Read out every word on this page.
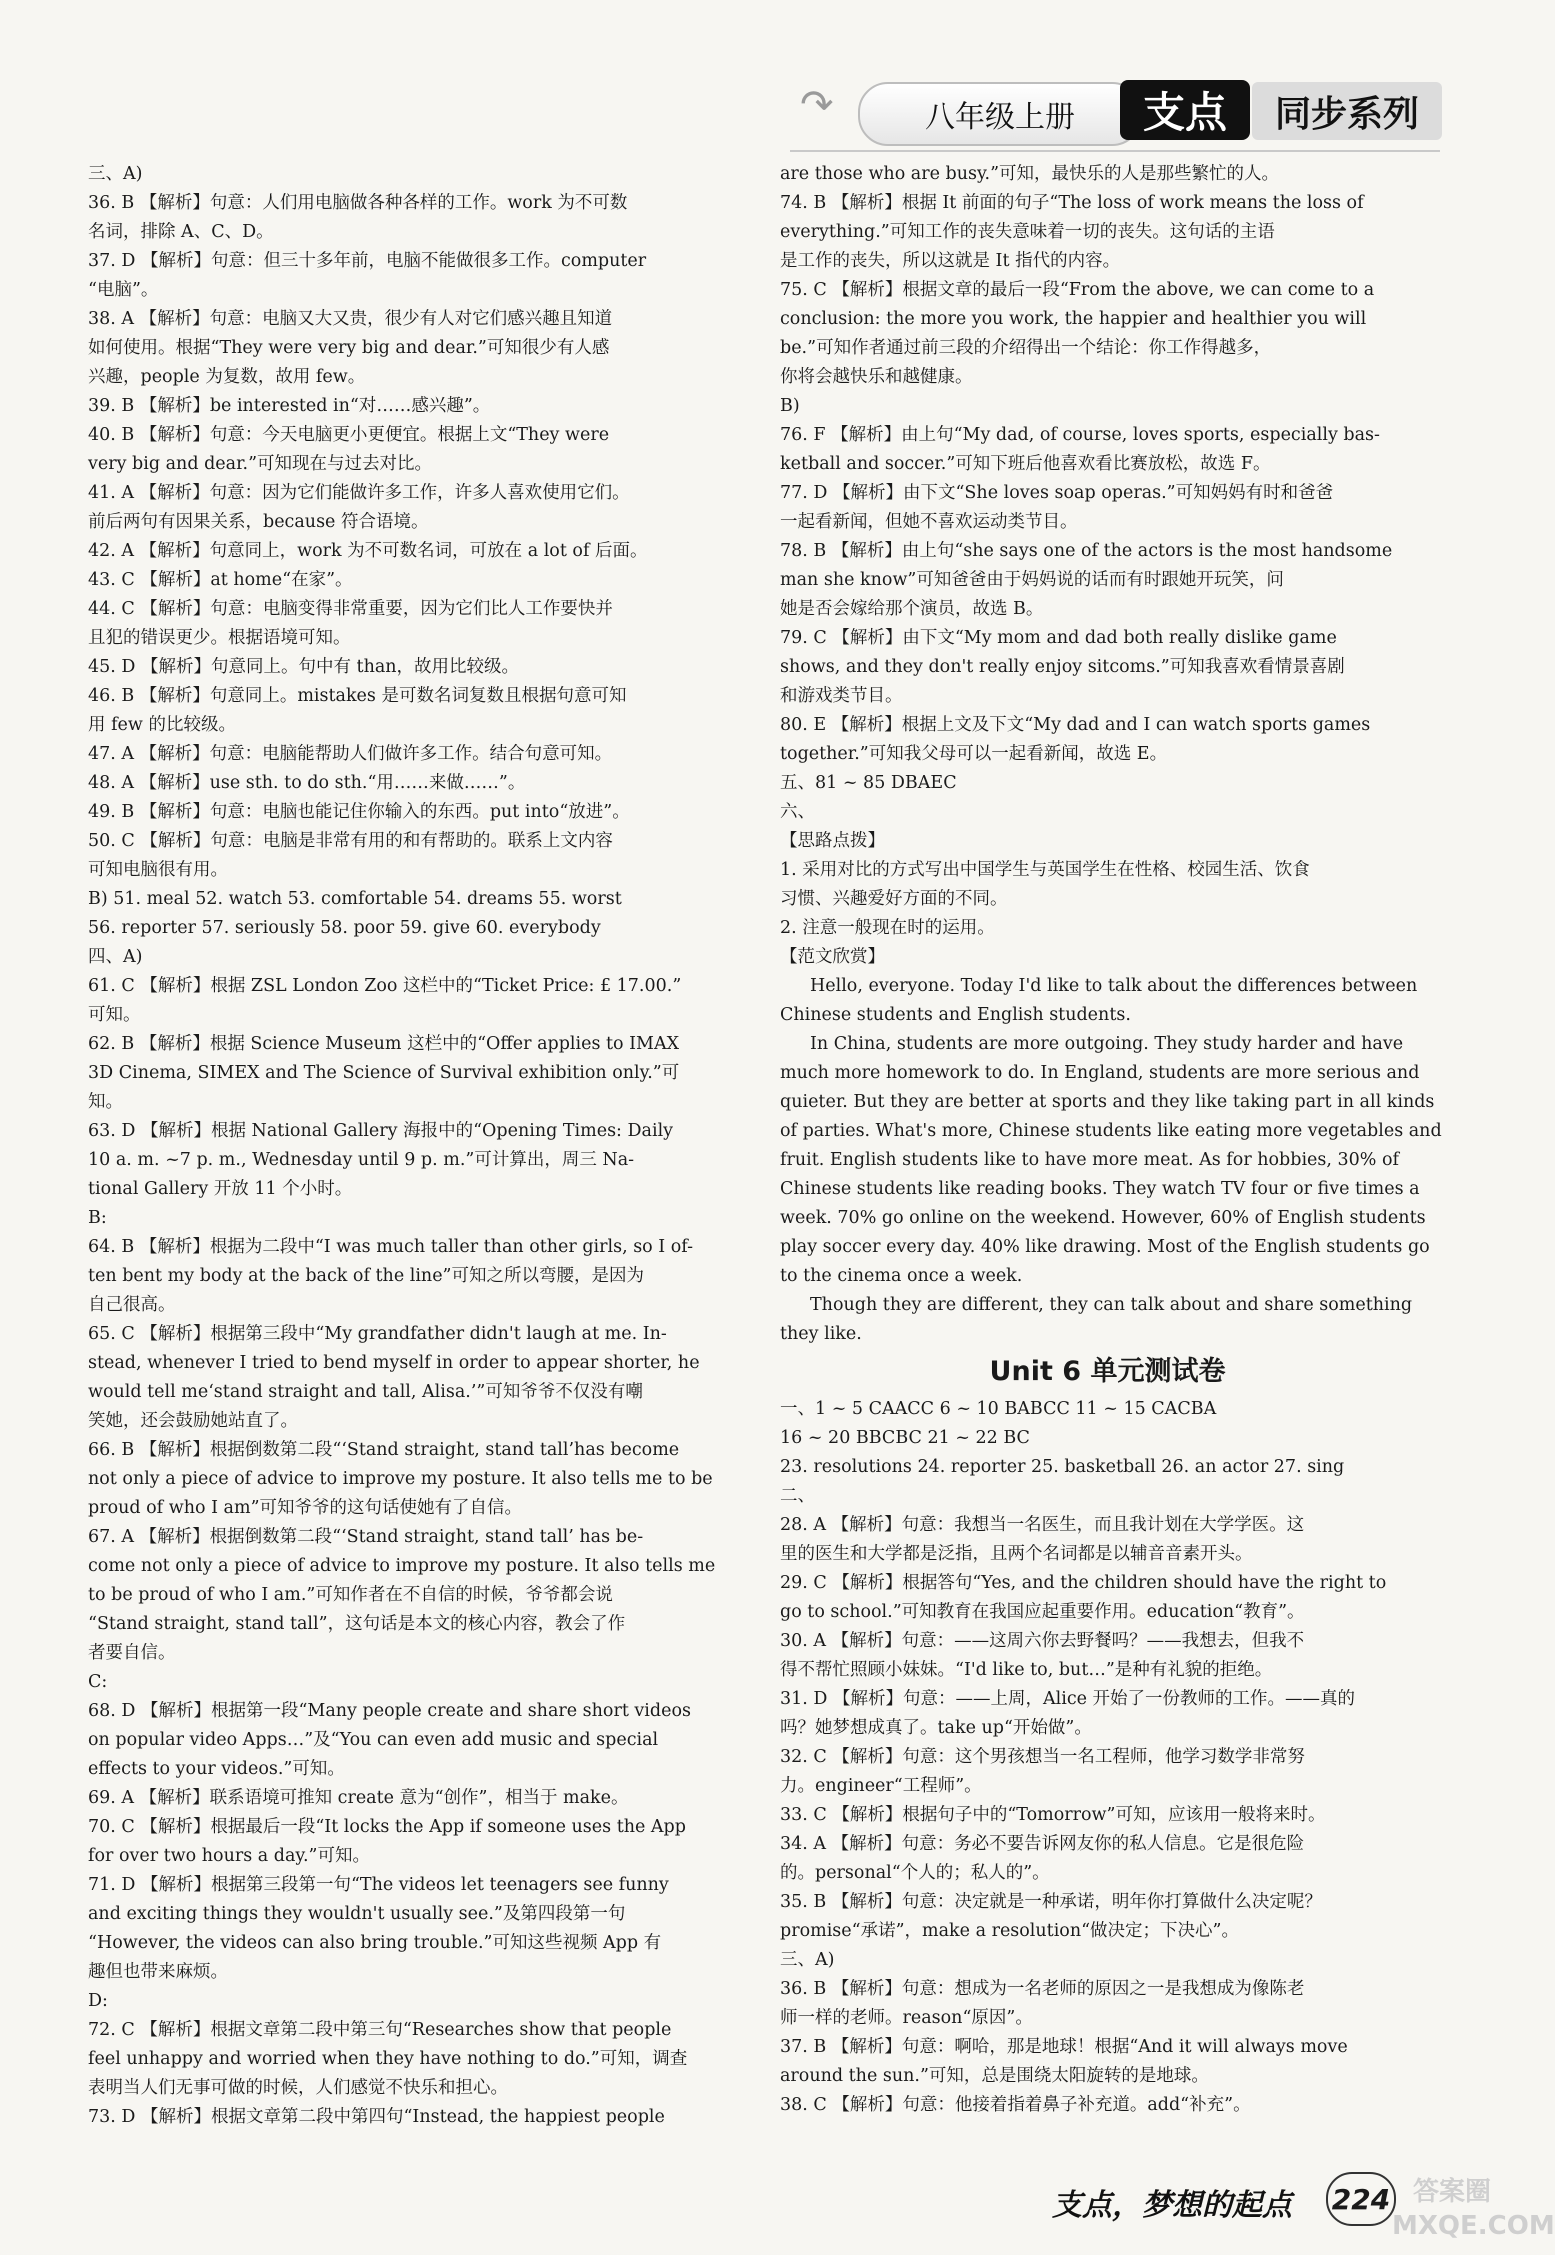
↷	八年级上册	支点	同步系列
三、A)
36. B 【解析】句意：人们用电脑做各种各样的工作。work 为不可数
名词，排除 A、C、D。
37. D 【解析】句意：但三十多年前，电脑不能做很多工作。computer
“电脑”。
38. A 【解析】句意：电脑又大又贵，很少有人对它们感兴趣且知道
如何使用。根据“They were very big and dear.”可知很少有人感
兴趣，people 为复数，故用 few。
39. B 【解析】be interested in“对……感兴趣”。
40. B 【解析】句意：今天电脑更小更便宜。根据上文“They were
very big and dear.”可知现在与过去对比。
41. A 【解析】句意：因为它们能做许多工作，许多人喜欢使用它们。
前后两句有因果关系，because 符合语境。
42. A 【解析】句意同上，work 为不可数名词，可放在 a lot of 后面。
43. C 【解析】at home“在家”。
44. C 【解析】句意：电脑变得非常重要，因为它们比人工作要快并
且犯的错误更少。根据语境可知。
45. D 【解析】句意同上。句中有 than，故用比较级。
46. B 【解析】句意同上。mistakes 是可数名词复数且根据句意可知
用 few 的比较级。
47. A 【解析】句意：电脑能帮助人们做许多工作。结合句意可知。
48. A 【解析】use sth. to do sth.“用……来做……”。
49. B 【解析】句意：电脑也能记住你输入的东西。put into“放进”。
50. C 【解析】句意：电脑是非常有用的和有帮助的。联系上文内容
可知电脑很有用。
B) 51. meal 52. watch 53. comfortable 54. dreams 55. worst
56. reporter 57. seriously 58. poor 59. give 60. everybody
四、A)
61. C 【解析】根据 ZSL London Zoo 这栏中的“Ticket Price: £ 17.00.”
可知。
62. B 【解析】根据 Science Museum 这栏中的“Offer applies to IMAX
3D Cinema, SIMEX and The Science of Survival exhibition only.”可
知。
63. D 【解析】根据 National Gallery 海报中的“Opening Times: Daily
10 a. m. ~7 p. m., Wednesday until 9 p. m.”可计算出，周三 Na-
tional Gallery 开放 11 个小时。
B:
64. B 【解析】根据为二段中“I was much taller than other girls, so I of-
ten bent my body at the back of the line”可知之所以弯腰，是因为
自己很高。
65. C 【解析】根据第三段中“My grandfather didn't laugh at me. In-
stead, whenever I tried to bend myself in order to appear shorter, he
would tell me‘stand straight and tall, Alisa.’”可知爷爷不仅没有嘲
笑她，还会鼓励她站直了。
66. B 【解析】根据倒数第二段“‘Stand straight, stand tall’has become
not only a piece of advice to improve my posture. It also tells me to be
proud of who I am”可知爷爷的这句话使她有了自信。
67. A 【解析】根据倒数第二段“‘Stand straight, stand tall’ has be-
come not only a piece of advice to improve my posture. It also tells me
to be proud of who I am.”可知作者在不自信的时候，爷爷都会说
“Stand straight, stand tall”，这句话是本文的核心内容，教会了作
者要自信。
C:
68. D 【解析】根据第一段“Many people create and share short videos
on popular video Apps…”及“You can even add music and special
effects to your videos.”可知。
69. A 【解析】联系语境可推知 create 意为“创作”，相当于 make。
70. C 【解析】根据最后一段“It locks the App if someone uses the App
for over two hours a day.”可知。
71. D 【解析】根据第三段第一句“The videos let teenagers see funny
and exciting things they wouldn't usually see.”及第四段第一句
“However, the videos can also bring trouble.”可知这些视频 App 有
趣但也带来麻烦。
D:
72. C 【解析】根据文章第二段中第三句“Researches show that people
feel unhappy and worried when they have nothing to do.”可知，调查
表明当人们无事可做的时候，人们感觉不快乐和担心。
73. D 【解析】根据文章第二段中第四句“Instead, the happiest people
are those who are busy.”可知，最快乐的人是那些繁忙的人。
74. B 【解析】根据 It 前面的句子“The loss of work means the loss of
everything.”可知工作的丧失意味着一切的丧失。这句话的主语
是工作的丧失，所以这就是 It 指代的内容。
75. C 【解析】根据文章的最后一段“From the above, we can come to a
conclusion: the more you work, the happier and healthier you will
be.”可知作者通过前三段的介绍得出一个结论：你工作得越多，
你将会越快乐和越健康。
B)
76. F 【解析】由上句“My dad, of course, loves sports, especially bas-
ketball and soccer.”可知下班后他喜欢看比赛放松，故选 F。
77. D 【解析】由下文“She loves soap operas.”可知妈妈有时和爸爸
一起看新闻，但她不喜欢运动类节目。
78. B 【解析】由上句“she says one of the actors is the most handsome
man she know”可知爸爸由于妈妈说的话而有时跟她开玩笑，问
她是否会嫁给那个演员，故选 B。
79. C 【解析】由下文“My mom and dad both really dislike game
shows, and they don't really enjoy sitcoms.”可知我喜欢看情景喜剧
和游戏类节目。
80. E 【解析】根据上文及下文“My dad and I can watch sports games
together.”可知我父母可以一起看新闻，故选 E。
五、81 ~ 85 DBAEC
六、
【思路点拨】
1. 采用对比的方式写出中国学生与英国学生在性格、校园生活、饮食
习惯、兴趣爱好方面的不同。
2. 注意一般现在时的运用。
【范文欣赏】
Hello, everyone. Today I'd like to talk about the differences between
Chinese students and English students.
In China, students are more outgoing. They study harder and have
much more homework to do. In England, students are more serious and
quieter. But they are better at sports and they like taking part in all kinds
of parties. What's more, Chinese students like eating more vegetables and
fruit. English students like to have more meat. As for hobbies, 30% of
Chinese students like reading books. They watch TV four or five times a
week. 70% go online on the weekend. However, 60% of English students
play soccer every day. 40% like drawing. Most of the English students go
to the cinema once a week.
Though they are different, they can talk about and share something
they like.
Unit 6 单元测试卷
一、1 ~ 5 CAACC 6 ~ 10 BABCC 11 ~ 15 CACBA
16 ~ 20 BBCBC 21 ~ 22 BC
23. resolutions 24. reporter 25. basketball 26. an actor 27. sing
二、
28. A 【解析】句意：我想当一名医生，而且我计划在大学学医。这
里的医生和大学都是泛指，且两个名词都是以辅音音素开头。
29. C 【解析】根据答句“Yes, and the children should have the right to
go to school.”可知教育在我国应起重要作用。education“教育”。
30. A 【解析】句意：——这周六你去野餐吗？——我想去，但我不
得不帮忙照顾小妹妹。“I'd like to, but…”是种有礼貌的拒绝。
31. D 【解析】句意：——上周，Alice 开始了一份教师的工作。——真的
吗？她梦想成真了。take up“开始做”。
32. C 【解析】句意：这个男孩想当一名工程师，他学习数学非常努
力。engineer“工程师”。
33. C 【解析】根据句子中的“Tomorrow”可知，应该用一般将来时。
34. A 【解析】句意：务必不要告诉网友你的私人信息。它是很危险
的。personal“个人的；私人的”。
35. B 【解析】句意：决定就是一种承诺，明年你打算做什么决定呢？
promise“承诺”，make a resolution“做决定；下决心”。
三、A)
36. B 【解析】句意：想成为一名老师的原因之一是我想成为像陈老
师一样的老师。reason“原因”。
37. B 【解析】句意：啊哈，那是地球！根据“And it will always move
around the sun.”可知，总是围绕太阳旋转的是地球。
38. C 【解析】句意：他接着指着鼻子补充道。add“补充”。
支点，梦想的起点	224 答案圈 MXQE.COM
